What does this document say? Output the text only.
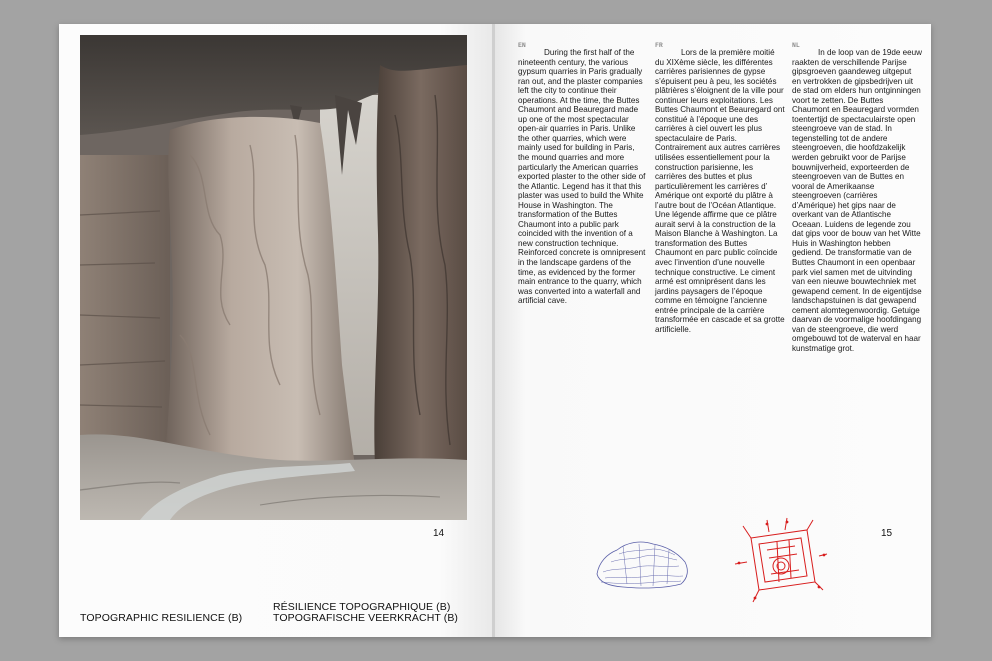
14
TOPOGRAPHIC RESILIENCE (B)
EN
During the first half of the nineteenth century, the various gypsum quarries in Paris gradually ran out, and the plaster companies left the city to continue their operations. At the time, the Buttes Chaumont and Beauregard made up one of the most spectacular open-air quarries in Paris. Unlike the other quarries, which were mainly used for building in Paris, the mound quarries and more particularly the American quarries exported plaster to the other side of the Atlantic. Legend has it that this plaster was used to build the White House in Washington. The transformation of the Buttes Chaumont into a public park coincided with the invention of a new construction technique. Reinforced concrete is omnipresent in the landscape gardens of the time, as evidenced by the former main entrance to the quarry, which was converted into a waterfall and artificial cave.
FR
Lors de la première moitié du XIXème siècle, les différentes carrières parisiennes de gypse s’épuisent peu à peu, les sociétés plâtrières s’éloignent de la ville pour continuer leurs exploitations. Les Buttes Chaumont et Beauregard ont constitué à l’époque une des carrières à ciel ouvert les plus spectaculaire de Paris. Contrairement aux autres carrières utilisées essentiellement pour la construction parisienne, les carrières des buttes et plus particulièrement les carrières d’ Amérique ont exporté du plâtre à l’autre bout de l’Océan Atlantique. Une légende affirme que ce plâtre aurait servi à la construction de la Maison Blanche à Washington. La transformation des Buttes Chaumont en parc public coïncide avec l’invention d’une nouvelle technique constructive. Le ciment armé est omniprésent dans les jardins paysagers de l’époque comme en témoigne l’ancienne entrée principale de la carrière transformée en cascade et sa grotte artificielle.
NL
In de loop van de 19de eeuw raakten de verschillende Parijse gipsgroeven gaandeweg uitgeput en vertrokken de gipsbedrijven uit de stad om elders hun ontginningen voort te zetten. De Buttes Chaumont en Beauregard vormden toentertijd de spectaculairste open steengroeve van de stad. In tegenstelling tot de andere steengroeven, die hoofdzakelijk werden gebruikt voor de Parijse bouwnijverheid, exporteerden de steengroeven van de Buttes en vooral de Amerikaanse steengroeven (carrières d’Amérique) het gips naar de overkant van de Atlantische Oceaan. Luidens de legende zou dat gips voor de bouw van het Witte Huis in Washington hebben gediend. De transformatie van de Buttes Chaumont in een openbaar park viel samen met de uitvinding van een nieuwe bouwtechniek met gewapend cement. In de eigentijdse landschapstuinen is dat gewapend cement alomtegenwoordig. Getuige daarvan de voormalige hoofdingang van de steengroeve, die werd omgebouwd tot de waterval en haar kunstmatige grot.
15
RÉSILIENCE TOPOGRAPHIQUE (B)
TOPOGRAFISCHE VEERKRACHT (B)
